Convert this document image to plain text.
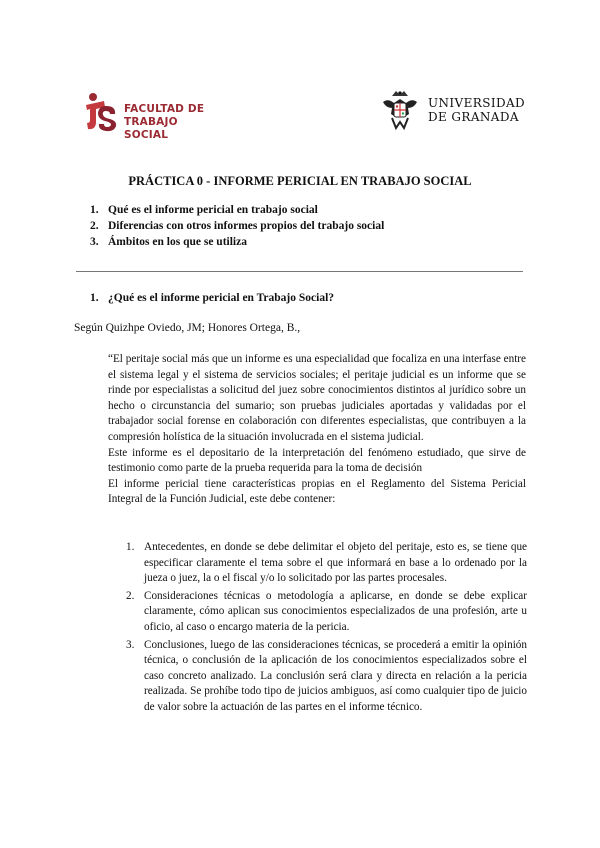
FACULTAD DE
TRABAJO SOCIAL
UNIVERSIDAD
DE GRANADA
PRÁCTICA 0 - INFORME PERICIAL EN TRABAJO SOCIAL
1. Qué es el informe pericial en trabajo social
2. Diferencias con otros informes propios del trabajo social
3. Ámbitos en los que se utiliza
1. ¿Qué es el informe pericial en Trabajo Social?
Según Quizhpe Oviedo, JM; Honores Ortega, B.,

“El peritaje social más que un informe es una especialidad que focaliza en una interfase entre el sistema legal y el sistema de servicios sociales; el peritaje judicial es un informe que se rinde por especialistas a solicitud del juez sobre conocimientos distintos al jurídico sobre un hecho o circunstancia del sumario; son pruebas judiciales aportadas y validadas por el trabajador social forense en colaboración con diferentes especialistas, que contribuyen a la compresión holística de la situación involucrada en el sistema judicial.

Este informe es el depositario de la interpretación del fenómeno estudiado, que sirve de testimonio como parte de la prueba requerida para la toma de decisión

El informe pericial tiene características propias en el Reglamento del Sistema Pericial Integral de la Función Judicial, este debe contener:

1. Antecedentes, en donde se debe delimitar el objeto del peritaje, esto es, se tiene que especificar claramente el tema sobre el que informará en base a lo ordenado por la jueza o juez, la o el fiscal y/o lo solicitado por las partes procesales.
2. Consideraciones técnicas o metodología a aplicarse, en donde se debe explicar claramente, cómo aplican sus conocimientos especializados de una profesión, arte u oficio, al caso o encargo materia de la pericia.
3. Conclusiones, luego de las consideraciones técnicas, se procederá a emitir la opinión técnica, o conclusión de la aplicación de los conocimientos especializados sobre el caso concreto analizado. La conclusión será clara y directa en relación a la pericia realizada. Se prohíbe todo tipo de juicios ambiguos, así como cualquier tipo de juicio de valor sobre la actuación de las partes en el informe técnico.
